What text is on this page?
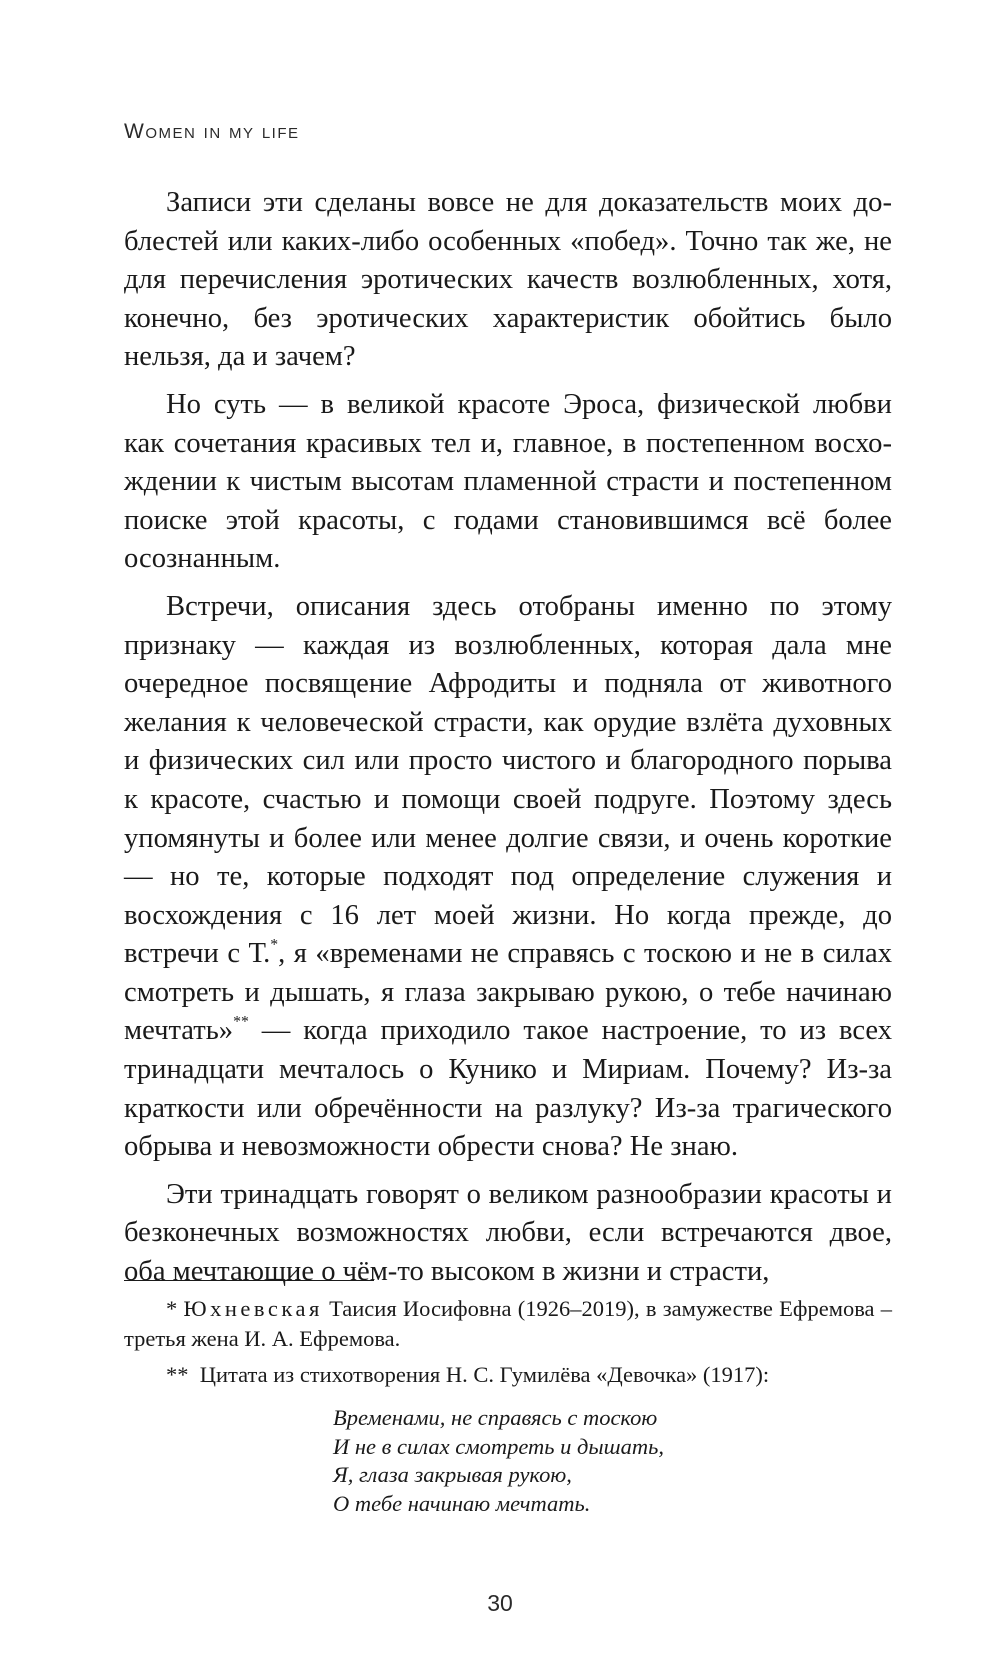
Women in my life

Записи эти сделаны вовсе не для доказательств моих доблестей или каких-либо особенных «побед». Точно так же, не для перечисления эротических качеств возлюбленных, хотя, конечно, без эротических характеристик обойтись было нельзя, да и зачем?

Но суть — в великой красоте Эроса, физической любви как сочетания красивых тел и, главное, в постепенном восхождении к чистым высотам пламенной страсти и постепенном поиске этой красоты, с годами становившимся всё более осознанным.

Встречи, описания здесь отобраны именно по этому признаку — каждая из возлюбленных, которая дала мне очередное посвящение Афродиты и подняла от животного желания к человеческой страсти, как орудие взлёта духовных и физических сил или просто чистого и благородного порыва к красоте, счастью и помощи своей подруге. Поэтому здесь упомянуты и более или менее долгие связи, и очень короткие — но те, которые подходят под определение служения и восхождения с 16 лет моей жизни. Но когда прежде, до встречи с Т.*, я «временами не справясь с тоскою и не в силах смотреть и дышать, я глаза закрываю рукою, о тебе начинаю мечтать»** — когда приходило такое настроение, то из всех тринадцати мечталось о Кунико и Мириам. Почему? Из-за краткости или обречённости на разлуку? Из-за трагического обрыва и невозможности обрести снова? Не знаю.

Эти тринадцать говорят о великом разнообразии красоты и безконечных возможностях любви, если встречаются двое, оба мечтающие о чём-то высоком в жизни и страсти,

* Юхневская Таисия Иосифовна (1926–2019), в замужестве Ефремова – третья жена И. А. Ефремова.

** Цитата из стихотворения Н. С. Гумилёва «Девочка» (1917):

Временами, не справясь с тоскою
И не в силах смотреть и дышать,
Я, глаза закрывая рукою,
О тебе начинаю мечтать.
30
